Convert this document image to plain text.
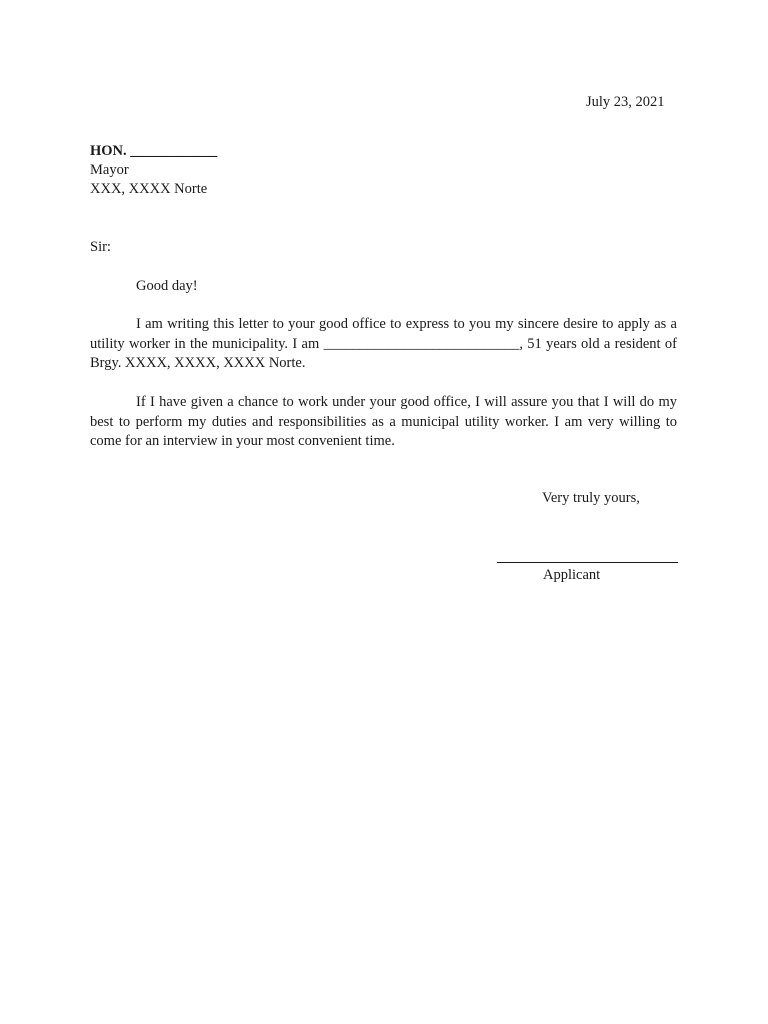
July 23, 2021
HON. ____________
Mayor
XXX, XXXX Norte
Sir:
Good day!
I am writing this letter to your good office to express to you my sincere desire to apply as a utility worker in the municipality. I am ___________________________, 51 years old a resident of Brgy. XXXX, XXXX, XXXX Norte.
If I have given a chance to work under your good office, I will assure you that I will do my best to perform my duties and responsibilities as a municipal utility worker. I am very willing to come for an interview in your most convenient time.
Very truly yours,
Applicant
